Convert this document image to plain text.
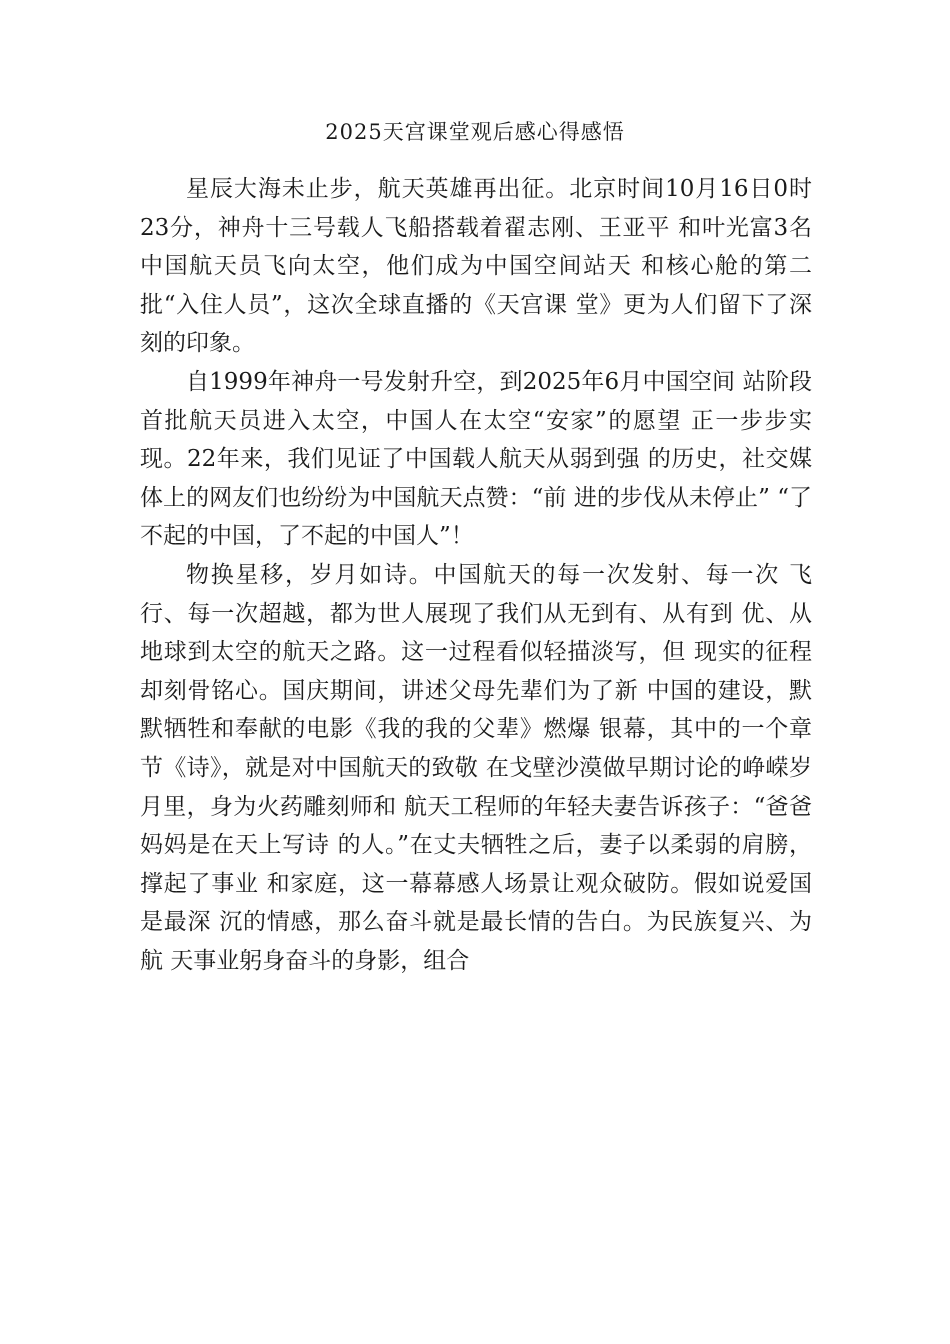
2025天宫课堂观后感心得感悟

星辰大海未止步，航天英雄再出征。北京时间10月16日0时23分，神舟十三号载人飞船搭载着翟志刚、王亚平 和叶光富3名中国航天员飞向太空，他们成为中国空间站天 和核心舱的第二批“入住人员”，这次全球直播的《天宫课 堂》更为人们留下了深刻的印象。

自1999年神舟一号发射升空，到2025年6月中国空间 站阶段首批航天员进入太空，中国人在太空“安家”的愿望 正一步步实现。22年来，我们见证了中国载人航天从弱到强 的历史，社交媒体上的网友们也纷纷为中国航天点赞：“前 进的步伐从未停止” “了不起的中国，了不起的中国人”！

物换星移，岁月如诗。中国航天的每一次发射、每一次 飞行、每一次超越，都为世人展现了我们从无到有、从有到 优、从地球到太空的航天之路。这一过程看似轻描淡写，但 现实的征程却刻骨铭心。国庆期间，讲述父母先辈们为了新 中国的建设，默默牺牲和奉献的电影《我的我的父辈》燃爆 银幕，其中的一个章节《诗》，就是对中国航天的致敬 在戈壁沙漠做早期讨论的峥嵘岁月里，身为火药雕刻师和 航天工程师的年轻夫妻告诉孩子：“爸爸妈妈是在天上写诗 的人。”在丈夫牺牲之后，妻子以柔弱的肩膀，撑起了事业 和家庭，这一幕幕感人场景让观众破防。假如说爱国是最深 沉的情感，那么奋斗就是最长情的告白。为民族复兴、为航 天事业躬身奋斗的身影，组合
